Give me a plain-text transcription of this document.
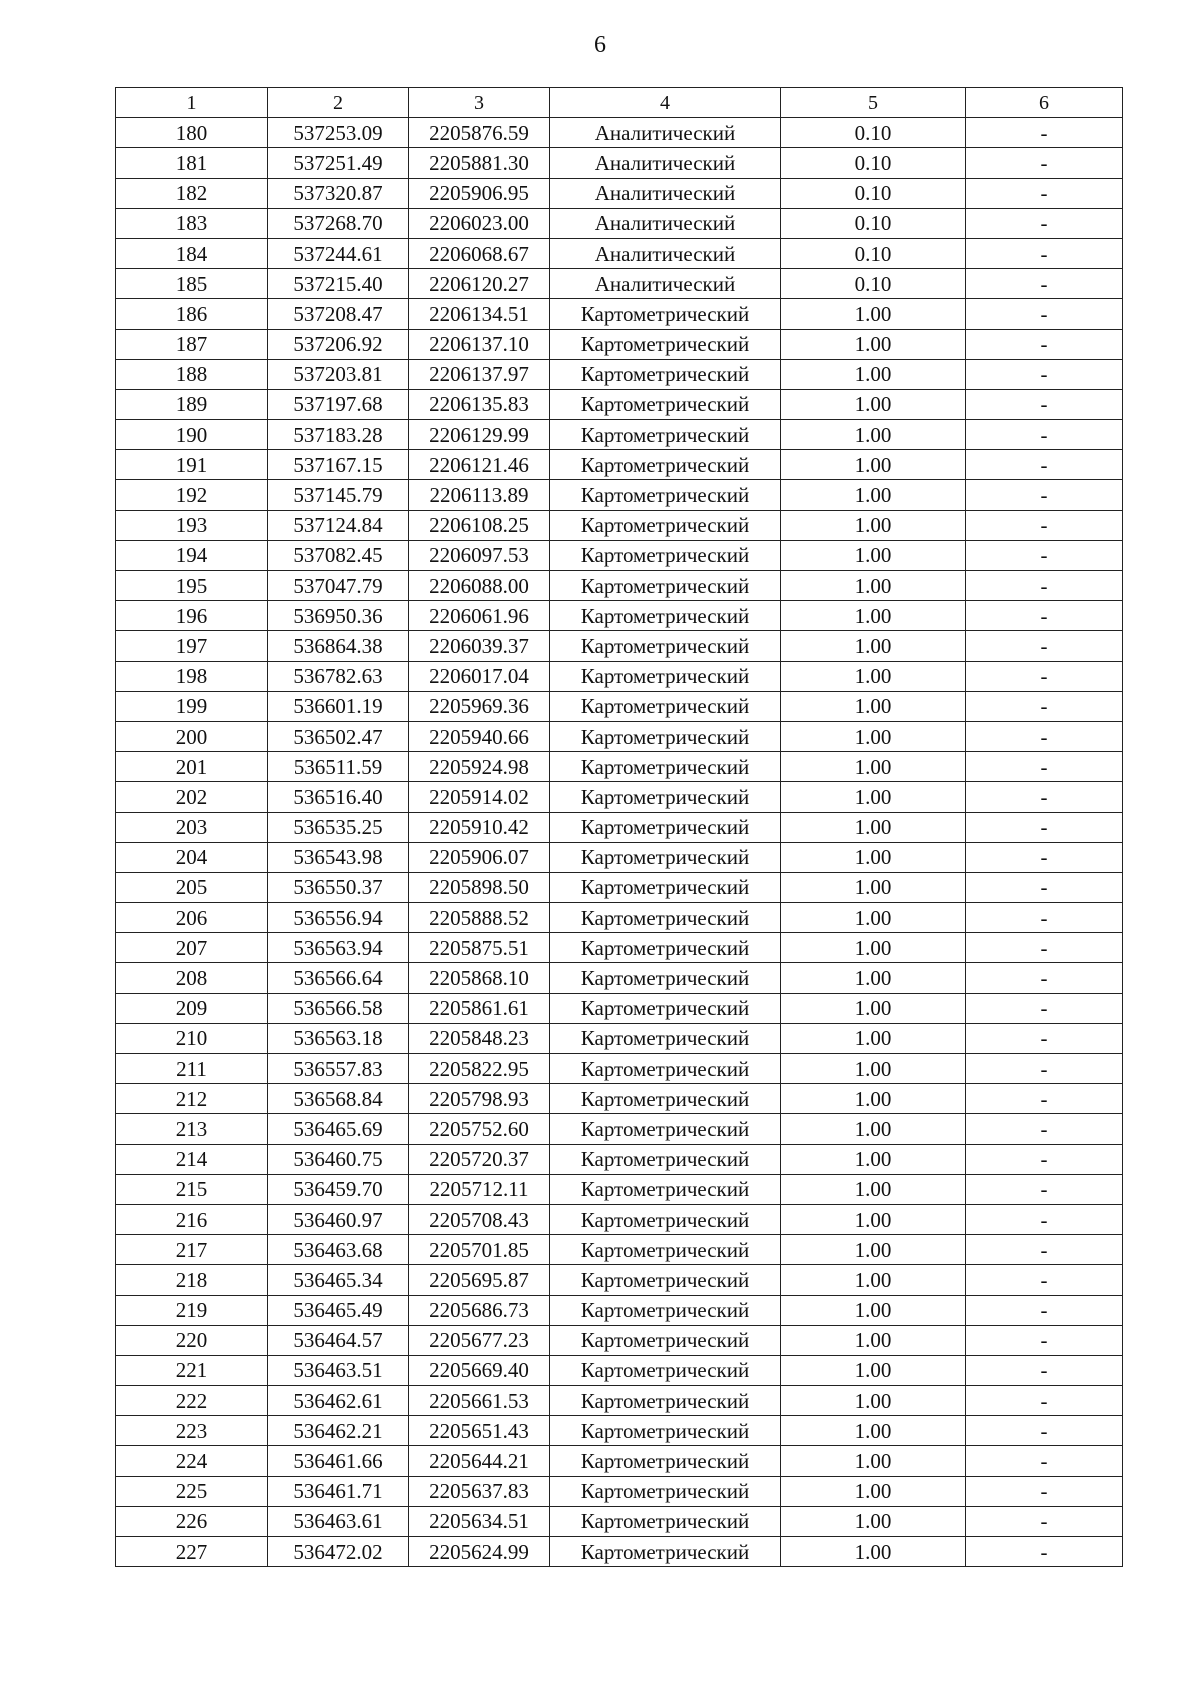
6
1	2	3	4	5	6
180	537253.09	2205876.59	Аналитический	0.10	-
181	537251.49	2205881.30	Аналитический	0.10	-
182	537320.87	2205906.95	Аналитический	0.10	-
183	537268.70	2206023.00	Аналитический	0.10	-
184	537244.61	2206068.67	Аналитический	0.10	-
185	537215.40	2206120.27	Аналитический	0.10	-
186	537208.47	2206134.51	Картометрический	1.00	-
187	537206.92	2206137.10	Картометрический	1.00	-
188	537203.81	2206137.97	Картометрический	1.00	-
189	537197.68	2206135.83	Картометрический	1.00	-
190	537183.28	2206129.99	Картометрический	1.00	-
191	537167.15	2206121.46	Картометрический	1.00	-
192	537145.79	2206113.89	Картометрический	1.00	-
193	537124.84	2206108.25	Картометрический	1.00	-
194	537082.45	2206097.53	Картометрический	1.00	-
195	537047.79	2206088.00	Картометрический	1.00	-
196	536950.36	2206061.96	Картометрический	1.00	-
197	536864.38	2206039.37	Картометрический	1.00	-
198	536782.63	2206017.04	Картометрический	1.00	-
199	536601.19	2205969.36	Картометрический	1.00	-
200	536502.47	2205940.66	Картометрический	1.00	-
201	536511.59	2205924.98	Картометрический	1.00	-
202	536516.40	2205914.02	Картометрический	1.00	-
203	536535.25	2205910.42	Картометрический	1.00	-
204	536543.98	2205906.07	Картометрический	1.00	-
205	536550.37	2205898.50	Картометрический	1.00	-
206	536556.94	2205888.52	Картометрический	1.00	-
207	536563.94	2205875.51	Картометрический	1.00	-
208	536566.64	2205868.10	Картометрический	1.00	-
209	536566.58	2205861.61	Картометрический	1.00	-
210	536563.18	2205848.23	Картометрический	1.00	-
211	536557.83	2205822.95	Картометрический	1.00	-
212	536568.84	2205798.93	Картометрический	1.00	-
213	536465.69	2205752.60	Картометрический	1.00	-
214	536460.75	2205720.37	Картометрический	1.00	-
215	536459.70	2205712.11	Картометрический	1.00	-
216	536460.97	2205708.43	Картометрический	1.00	-
217	536463.68	2205701.85	Картометрический	1.00	-
218	536465.34	2205695.87	Картометрический	1.00	-
219	536465.49	2205686.73	Картометрический	1.00	-
220	536464.57	2205677.23	Картометрический	1.00	-
221	536463.51	2205669.40	Картометрический	1.00	-
222	536462.61	2205661.53	Картометрический	1.00	-
223	536462.21	2205651.43	Картометрический	1.00	-
224	536461.66	2205644.21	Картометрический	1.00	-
225	536461.71	2205637.83	Картометрический	1.00	-
226	536463.61	2205634.51	Картометрический	1.00	-
227	536472.02	2205624.99	Картометрический	1.00	-
